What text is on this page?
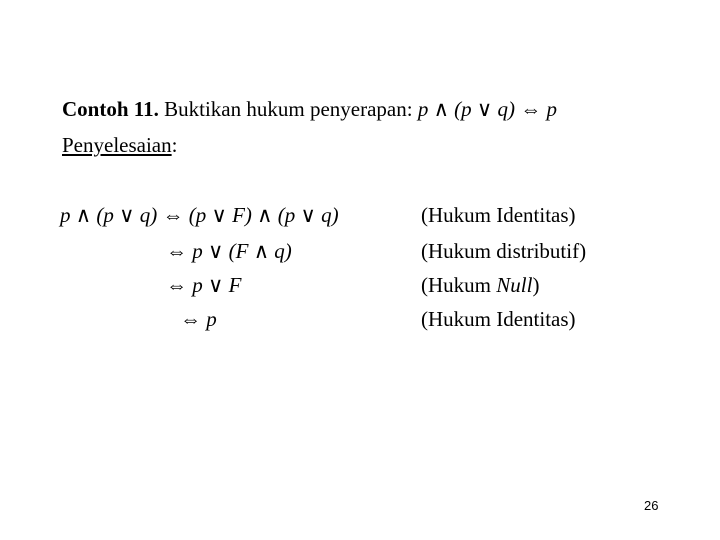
Contoh 11. Buktikan hukum penyerapan: p ∧ (p ∨ q) ⇔ p
Penyelesaian:
p ∧ (p ∨ q) ⇔ (p ∨ F) ∧ (p ∨ q)
⇔ p ∨ (F ∧ q)
⇔ p ∨ F
⇔ p
(Hukum Identitas)
(Hukum distributif)
(Hukum Null)
(Hukum Identitas)
26
